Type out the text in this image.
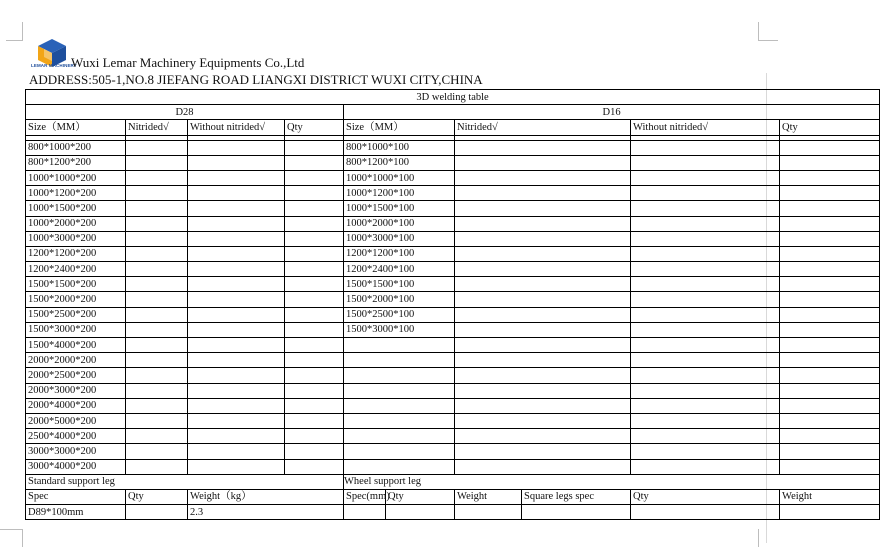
LEMAR MACHINERY
Wuxi Lemar Machinery Equipments Co.,Ltd
ADDRESS:505-1,NO.8 JIEFANG ROAD LIANGXI DISTRICT WUXI CITY,CHINA
3D welding table									
D28				D16					
Size（MM）	Nitrided√	Without nitrided√	Qty	Size（MM）		Nitrided√		Without nitrided√	Qty

800*1000*200				800*1000*100					
800*1200*200				800*1200*100					
1000*1000*200				1000*1000*100					
1000*1200*200				1000*1200*100					
1000*1500*200				1000*1500*100					
1000*2000*200				1000*2000*100					
1000*3000*200				1000*3000*100					
1200*1200*200				1200*1200*100					
1200*2400*200				1200*2400*100					
1500*1500*200				1500*1500*100					
1500*2000*200				1500*2000*100					
1500*2500*200				1500*2500*100					
1500*3000*200				1500*3000*100					
1500*4000*200									
2000*2000*200									
2000*2500*200									
2000*3000*200									
2000*4000*200									
2000*5000*200									
2500*4000*200									
3000*3000*200									
3000*4000*200									
Standard support leg				Wheel support leg					
Spec	Qty	Weight（kg）		Spec(mm)	Qty	Weight	Square legs spec	Qty	Weight
D89*100mm		2.3							
